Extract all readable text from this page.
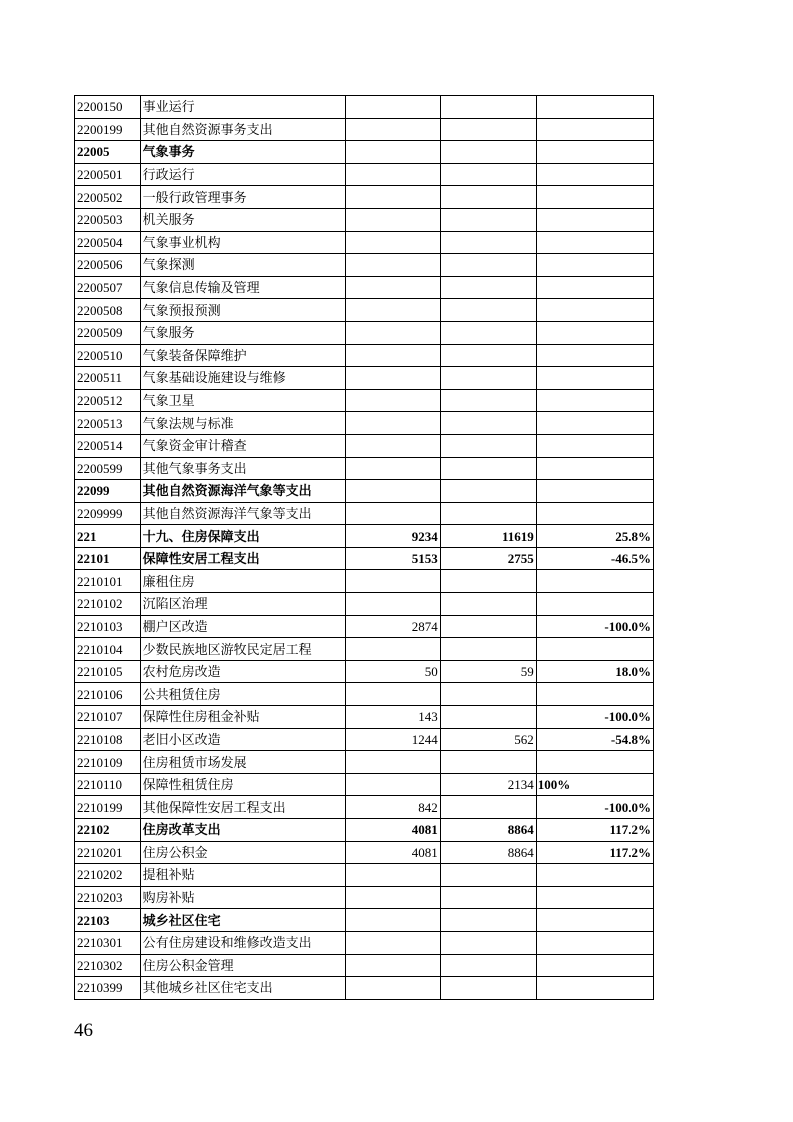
2200150	事业运行			
2200199	其他自然资源事务支出			
22005	气象事务			
2200501	行政运行			
2200502	一般行政管理事务			
2200503	机关服务			
2200504	气象事业机构			
2200506	气象探测			
2200507	气象信息传输及管理			
2200508	气象预报预测			
2200509	气象服务			
2200510	气象装备保障维护			
2200511	气象基础设施建设与维修			
2200512	气象卫星			
2200513	气象法规与标准			
2200514	气象资金审计稽查			
2200599	其他气象事务支出			
22099	其他自然资源海洋气象等支出			
2209999	其他自然资源海洋气象等支出			
221	十九、住房保障支出	9234	11619	25.8%
22101	保障性安居工程支出	5153	2755	-46.5%
2210101	廉租住房			
2210102	沉陷区治理			
2210103	棚户区改造	2874		-100.0%
2210104	少数民族地区游牧民定居工程			
2210105	农村危房改造	50	59	18.0%
2210106	公共租赁住房			
2210107	保障性住房租金补贴	143		-100.0%
2210108	老旧小区改造	1244	562	-54.8%
2210109	住房租赁市场发展			
2210110	保障性租赁住房		2134	100%
2210199	其他保障性安居工程支出	842		-100.0%
22102	住房改革支出	4081	8864	117.2%
2210201	住房公积金	4081	8864	117.2%
2210202	提租补贴			
2210203	购房补贴			
22103	城乡社区住宅			
2210301	公有住房建设和维修改造支出			
2210302	住房公积金管理			
2210399	其他城乡社区住宅支出			
46
